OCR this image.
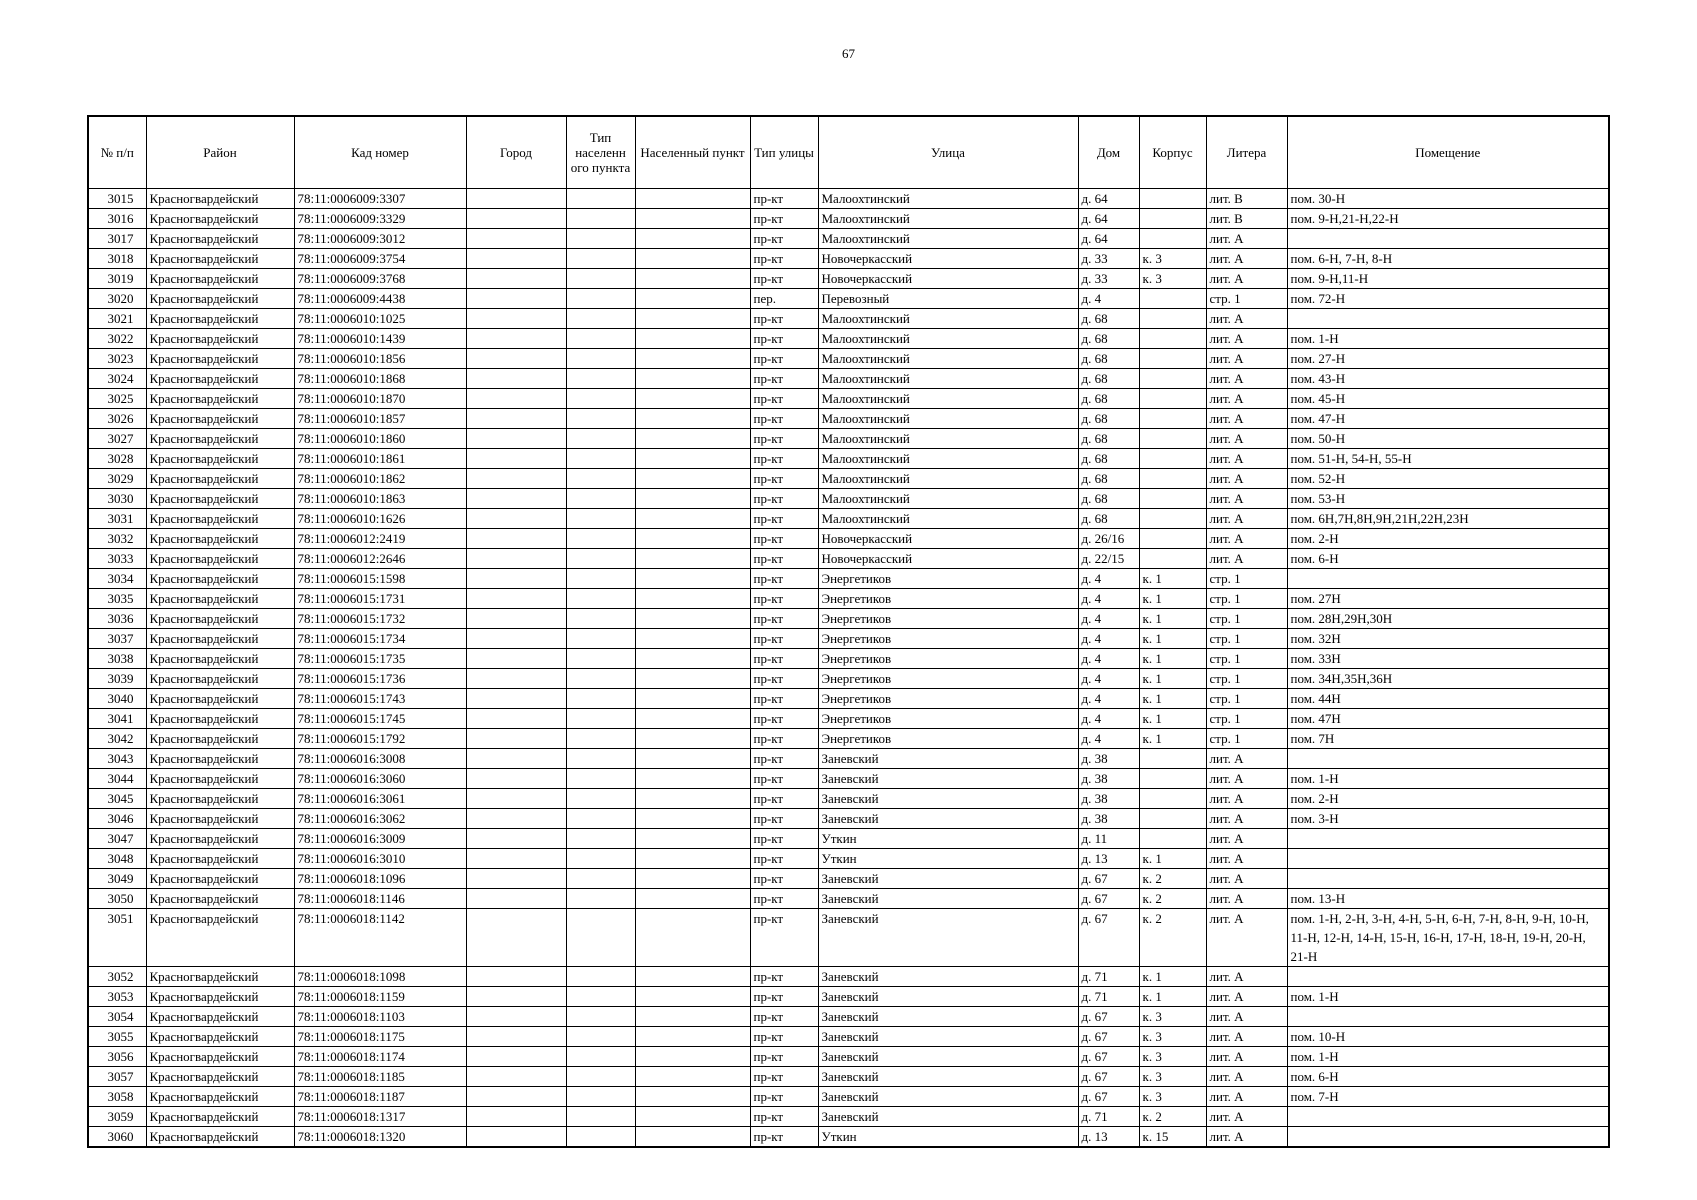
67
№ п/п	Район	Кад номер	Город	Тип населенн ого пункта	Населенный пункт	Тип улицы	Улица	Дом	Корпус	Литера	Помещение
3015	Красногвардейский	78:11:0006009:3307				пр-кт	Малоохтинский	д. 64		лит. В	пом. 30-Н
3016	Красногвардейский	78:11:0006009:3329				пр-кт	Малоохтинский	д. 64		лит. В	пом. 9-Н,21-Н,22-Н
3017	Красногвардейский	78:11:0006009:3012				пр-кт	Малоохтинский	д. 64		лит. А	
3018	Красногвардейский	78:11:0006009:3754				пр-кт	Новочеркасский	д. 33	к. 3	лит. А	пом. 6-Н, 7-Н, 8-Н
3019	Красногвардейский	78:11:0006009:3768				пр-кт	Новочеркасский	д. 33	к. 3	лит. А	пом. 9-Н,11-Н
3020	Красногвардейский	78:11:0006009:4438				пер.	Перевозный	д. 4		стр. 1	пом. 72-Н
3021	Красногвардейский	78:11:0006010:1025				пр-кт	Малоохтинский	д. 68		лит. А	
3022	Красногвардейский	78:11:0006010:1439				пр-кт	Малоохтинский	д. 68		лит. А	пом. 1-Н
3023	Красногвардейский	78:11:0006010:1856				пр-кт	Малоохтинский	д. 68		лит. А	пом. 27-Н
3024	Красногвардейский	78:11:0006010:1868				пр-кт	Малоохтинский	д. 68		лит. А	пом. 43-Н
3025	Красногвардейский	78:11:0006010:1870				пр-кт	Малоохтинский	д. 68		лит. А	пом. 45-Н
3026	Красногвардейский	78:11:0006010:1857				пр-кт	Малоохтинский	д. 68		лит. А	пом. 47-Н
3027	Красногвардейский	78:11:0006010:1860				пр-кт	Малоохтинский	д. 68		лит. А	пом. 50-Н
3028	Красногвардейский	78:11:0006010:1861				пр-кт	Малоохтинский	д. 68		лит. А	пом. 51-Н, 54-Н, 55-Н
3029	Красногвардейский	78:11:0006010:1862				пр-кт	Малоохтинский	д. 68		лит. А	пом. 52-Н
3030	Красногвардейский	78:11:0006010:1863				пр-кт	Малоохтинский	д. 68		лит. А	пом. 53-Н
3031	Красногвардейский	78:11:0006010:1626				пр-кт	Малоохтинский	д. 68		лит. А	пом. 6Н,7Н,8Н,9Н,21Н,22Н,23Н
3032	Красногвардейский	78:11:0006012:2419				пр-кт	Новочеркасский	д. 26/16		лит. А	пом. 2-Н
3033	Красногвардейский	78:11:0006012:2646				пр-кт	Новочеркасский	д. 22/15		лит. А	пом. 6-Н
3034	Красногвардейский	78:11:0006015:1598				пр-кт	Энергетиков	д. 4	к. 1	стр. 1	
3035	Красногвардейский	78:11:0006015:1731				пр-кт	Энергетиков	д. 4	к. 1	стр. 1	пом. 27Н
3036	Красногвардейский	78:11:0006015:1732				пр-кт	Энергетиков	д. 4	к. 1	стр. 1	пом. 28Н,29Н,30Н
3037	Красногвардейский	78:11:0006015:1734				пр-кт	Энергетиков	д. 4	к. 1	стр. 1	пом. 32Н
3038	Красногвардейский	78:11:0006015:1735				пр-кт	Энергетиков	д. 4	к. 1	стр. 1	пом. 33Н
3039	Красногвардейский	78:11:0006015:1736				пр-кт	Энергетиков	д. 4	к. 1	стр. 1	пом. 34Н,35Н,36Н
3040	Красногвардейский	78:11:0006015:1743				пр-кт	Энергетиков	д. 4	к. 1	стр. 1	пом. 44Н
3041	Красногвардейский	78:11:0006015:1745				пр-кт	Энергетиков	д. 4	к. 1	стр. 1	пом. 47Н
3042	Красногвардейский	78:11:0006015:1792				пр-кт	Энергетиков	д. 4	к. 1	стр. 1	пом. 7Н
3043	Красногвардейский	78:11:0006016:3008				пр-кт	Заневский	д. 38		лит. А	
3044	Красногвардейский	78:11:0006016:3060				пр-кт	Заневский	д. 38		лит. А	пом. 1-Н
3045	Красногвардейский	78:11:0006016:3061				пр-кт	Заневский	д. 38		лит. А	пом. 2-Н
3046	Красногвардейский	78:11:0006016:3062				пр-кт	Заневский	д. 38		лит. А	пом. 3-Н
3047	Красногвардейский	78:11:0006016:3009				пр-кт	Уткин	д. 11		лит. А	
3048	Красногвардейский	78:11:0006016:3010				пр-кт	Уткин	д. 13	к. 1	лит. А	
3049	Красногвардейский	78:11:0006018:1096				пр-кт	Заневский	д. 67	к. 2	лит. А	
3050	Красногвардейский	78:11:0006018:1146				пр-кт	Заневский	д. 67	к. 2	лит. А	пом. 13-Н
3051	Красногвардейский	78:11:0006018:1142				пр-кт	Заневский	д. 67	к. 2	лит. А	пом. 1-Н, 2-Н, 3-Н, 4-Н, 5-Н, 6-Н, 7-Н, 8-Н, 9-Н, 10-Н, 11-Н, 12-Н, 14-Н, 15-Н, 16-Н, 17-Н, 18-Н, 19-Н, 20-Н, 21-Н
3052	Красногвардейский	78:11:0006018:1098				пр-кт	Заневский	д. 71	к. 1	лит. А	
3053	Красногвардейский	78:11:0006018:1159				пр-кт	Заневский	д. 71	к. 1	лит. А	пом. 1-Н
3054	Красногвардейский	78:11:0006018:1103				пр-кт	Заневский	д. 67	к. 3	лит. А	
3055	Красногвардейский	78:11:0006018:1175				пр-кт	Заневский	д. 67	к. 3	лит. А	пом. 10-Н
3056	Красногвардейский	78:11:0006018:1174				пр-кт	Заневский	д. 67	к. 3	лит. А	пом. 1-Н
3057	Красногвардейский	78:11:0006018:1185				пр-кт	Заневский	д. 67	к. 3	лит. А	пом. 6-Н
3058	Красногвардейский	78:11:0006018:1187				пр-кт	Заневский	д. 67	к. 3	лит. А	пом. 7-Н
3059	Красногвардейский	78:11:0006018:1317				пр-кт	Заневский	д. 71	к. 2	лит. А	
3060	Красногвардейский	78:11:0006018:1320				пр-кт	Уткин	д. 13	к. 15	лит. А	
